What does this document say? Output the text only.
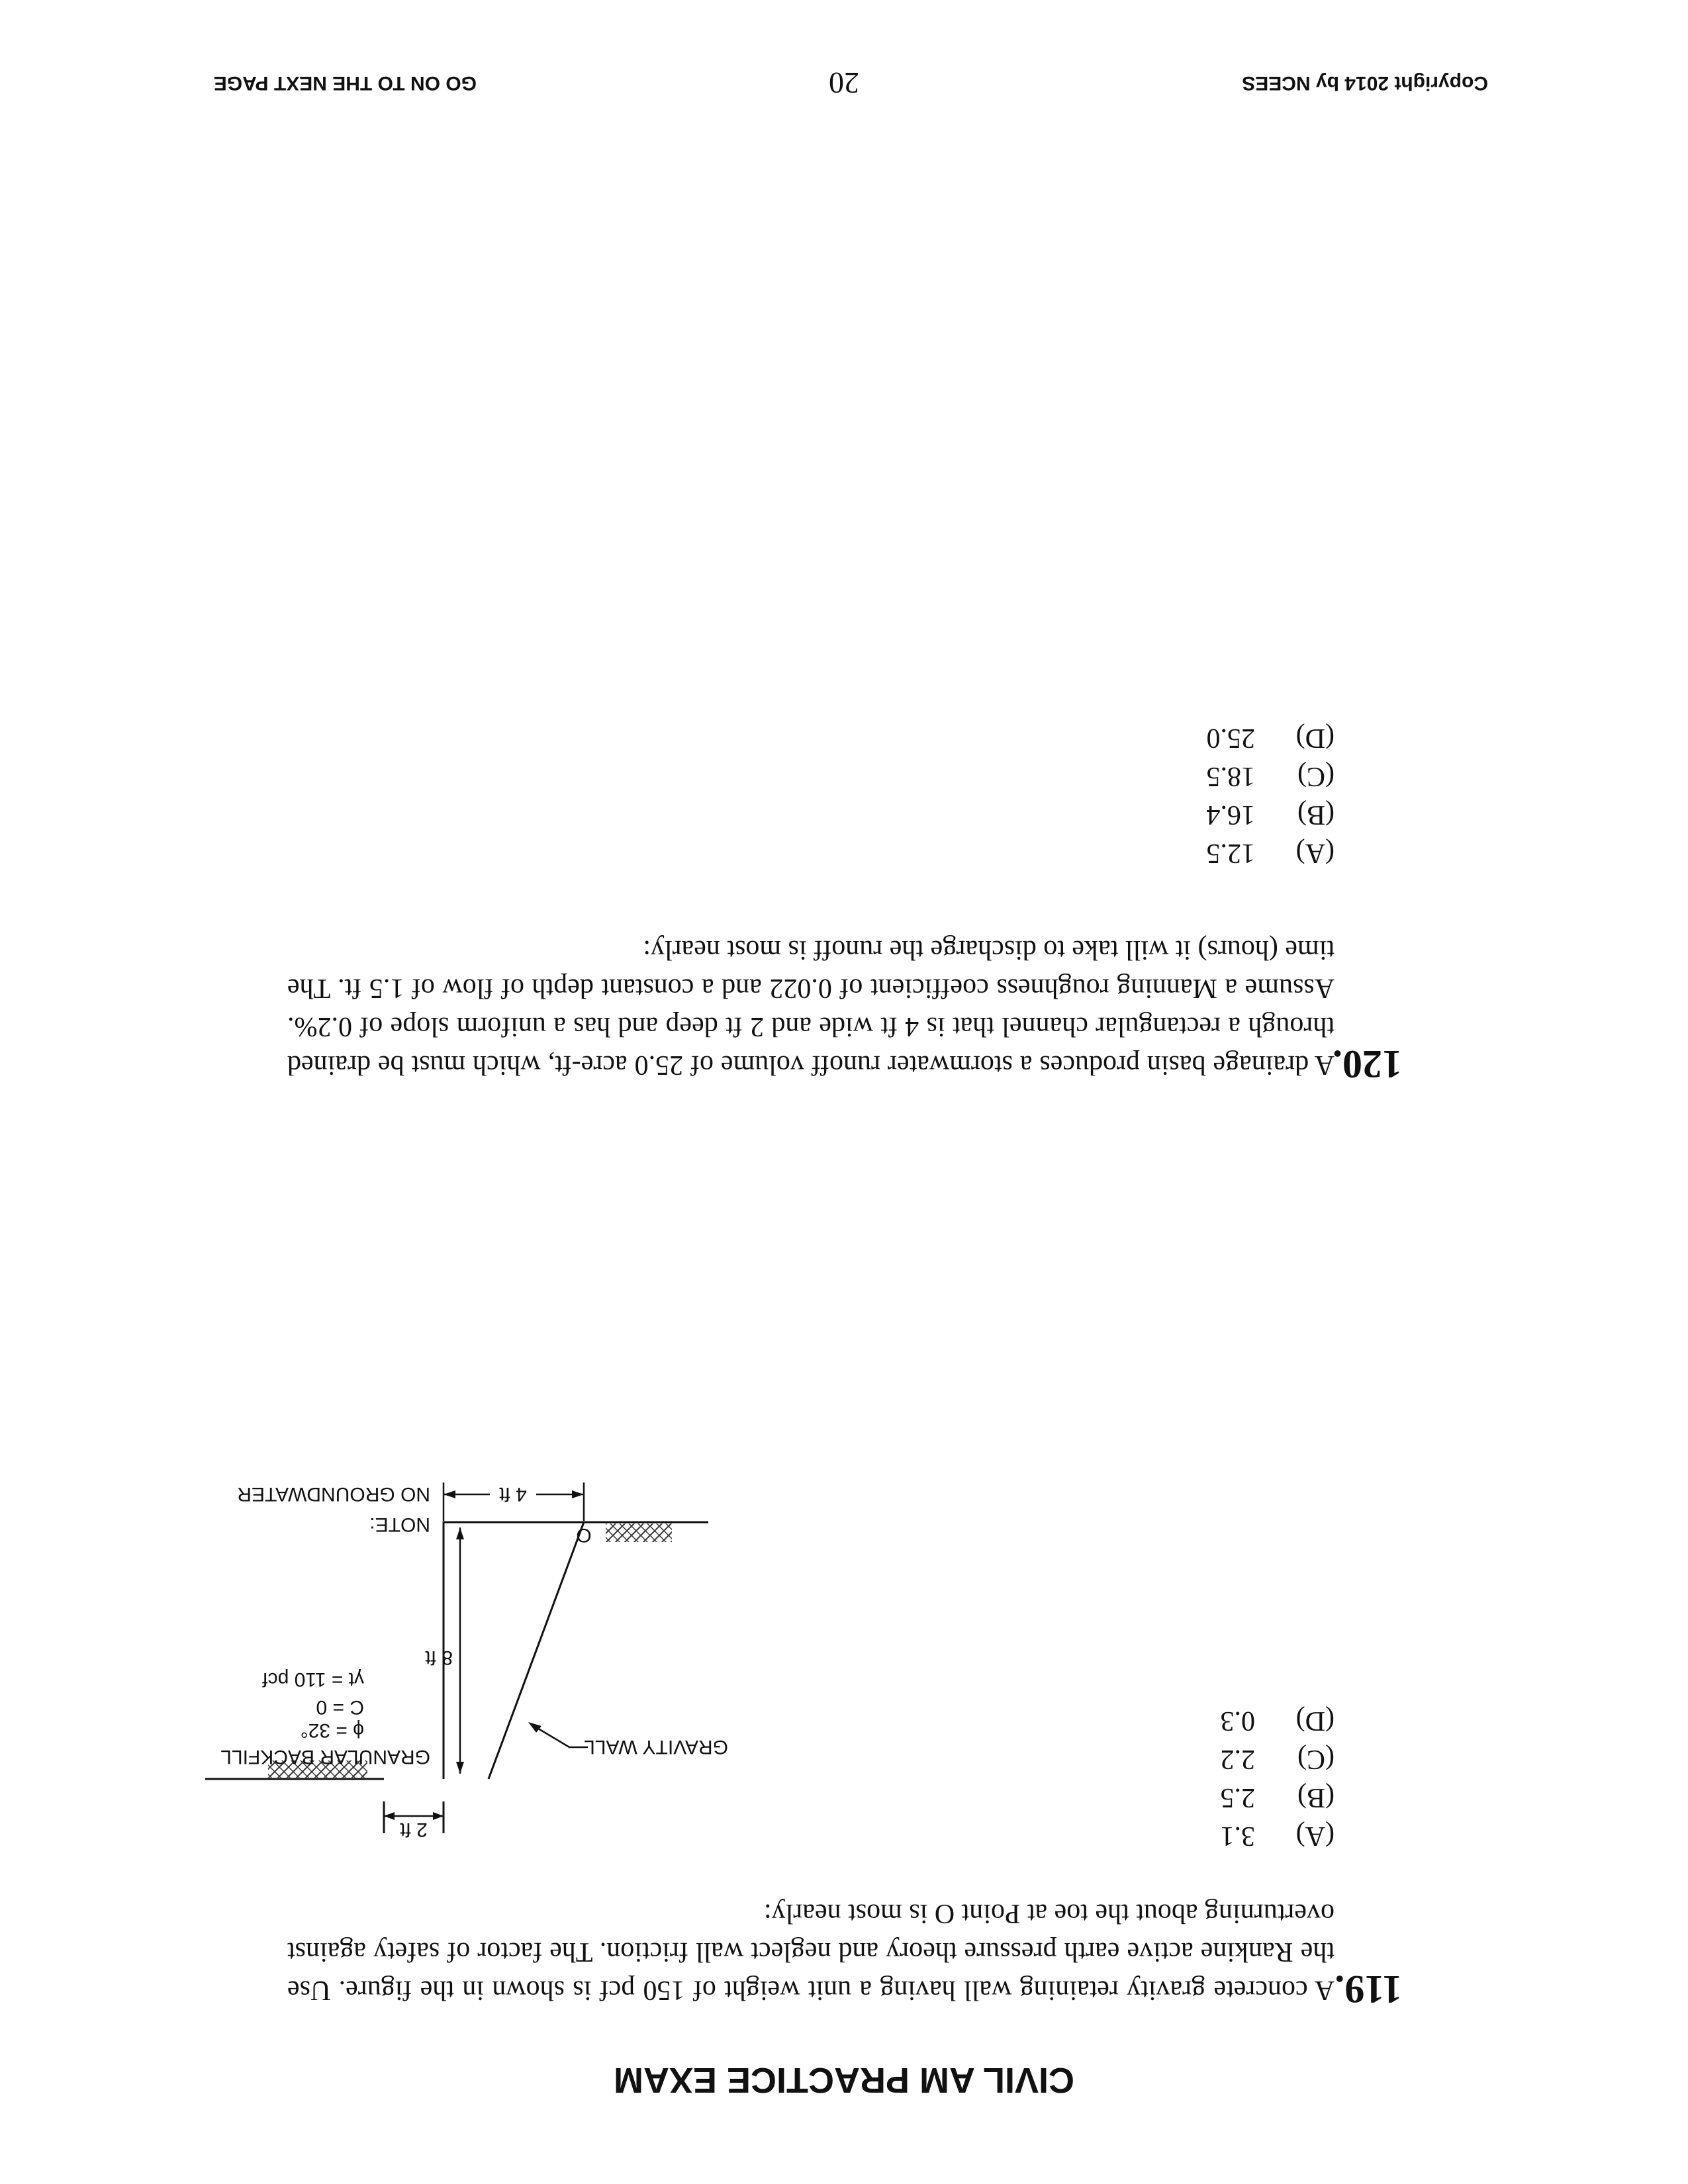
CIVIL AM PRACTICE EXAM
119.

A concrete gravity retaining wall having a unit weight of 150 pcf is shown in the figure. Use the Rankine active earth pressure theory and neglect wall friction. The factor of safety against overturning about the toe at Point O is most nearly:

(A)3.1
(B)2.5
(C)2.2
(D)0.3
2 ft
8 ft
GRANULAR BACKFILL
ϕ = 32°
C = 0
γt = 110 pcf
GRAVITY WALL
O
4 ft
NOTE:
NO GROUNDWATER
120.

A drainage basin produces a stormwater runoff volume of 25.0 acre-ft, which must be drained through a rectangular channel that is 4 ft wide and 2 ft deep and has a uniform slope of 0.2%. Assume a Manning roughness coefficient of 0.022 and a constant depth of flow of 1.5 ft. The time (hours) it will take to discharge the runoff is most nearly:

(A)12.5
(B)16.4
(C)18.5
(D)25.0
Copyright 2014 by NCEES
20
GO ON TO THE NEXT PAGE
